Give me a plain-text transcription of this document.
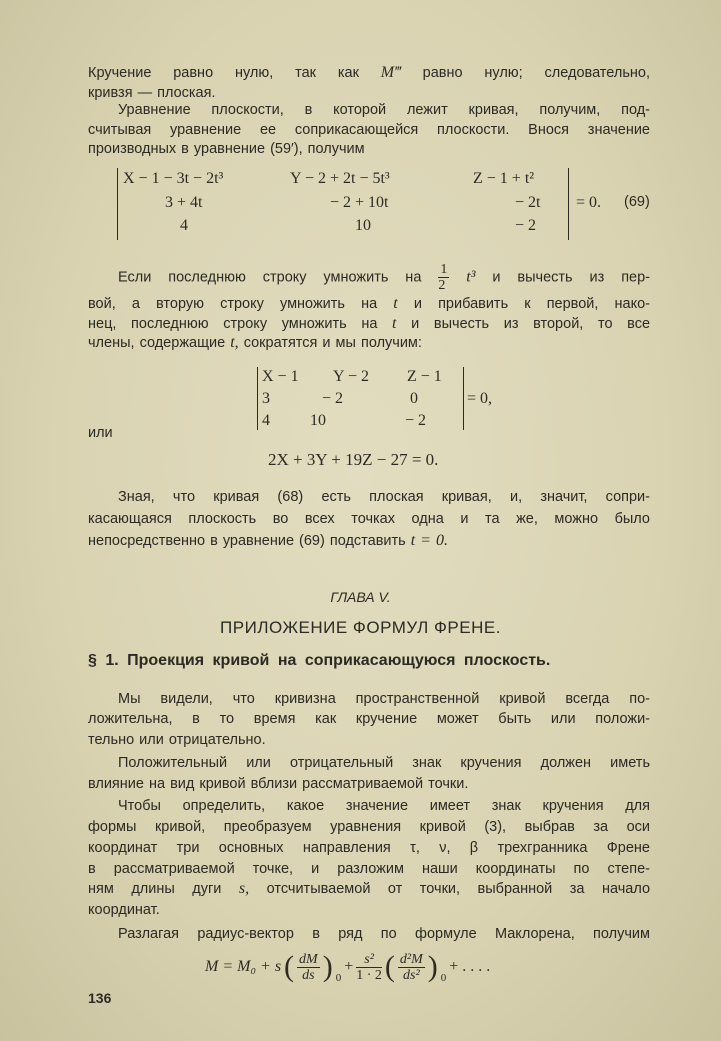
Кручение равно нулю, так как M‴ равно нулю; следовательно,
кривзя — плоская.
Уравнение плоскости, в которой лежит кривая, получим, под-
считывая уравнение ее соприкасающейся плоскости. Внося значение
производных в уравнение (59′), получим
X − 1 − 3t − 2t³	Y − 2 + 2t − 5t³	Z − 1 + t²
3 + 4t	− 2 + 10t	− 2t
4	10	− 2
= 0. (69)
Если последнюю строку умножить на $\frac{1}{2} t^3$ и вычесть из пер-
вой, а вторую строку умножить на t и прибавить к первой, нако-
нец, последнюю строку умножить на t и вычесть из второй, то все
члены, содержащие t, сократятся и мы получим:
X − 1 Y − 2 Z − 1
3	− 2	0
4	10	− 2
= 0,
или
2X + 3Y + 19Z − 27 = 0.
Зная, что кривая (68) есть плоская кривая, и, значит, сопри-
касающаяся плоскость во всех точках одна и та же, можно было
непосредственно в уравнение (69) подставить t = 0.
ГЛАВА V.
ПРИЛОЖЕНИЕ ФОРМУЛ ФРЕНЕ.
§ 1. Проекция кривой на соприкасающуюся плоскость.
Мы видели, что кривизна пространственной кривой всегда по-
ложительна, в то время как кручение может быть или положи-
тельно или отрицательно.
Положительный или отрицательный знак кручения должен иметь
влияние на вид кривой вблизи рассматриваемой точки.
Чтобы определить, какое значение имеет знак кручения для
формы кривой, преобразуем уравнения кривой (3), выбрав за оси
координат три основных направления τ, ν, β трехгранника Френе
в рассматриваемой точке, и разложим наши координаты по степе-
ням длины дуги s, отсчитываемой от точки, выбранной за начало
координат.
Разлагая радиус-вектор в ряд по формуле Маклорена, получим
M = M₀ + s ( $\frac{dM}{ds}$ ) $_0$
+ $\frac{\text{s²}}{1 \cdot 2}$ ( $\frac{\text{d²M}}{\text{ds²}}$ ) $_0$
+ . . . .
136
